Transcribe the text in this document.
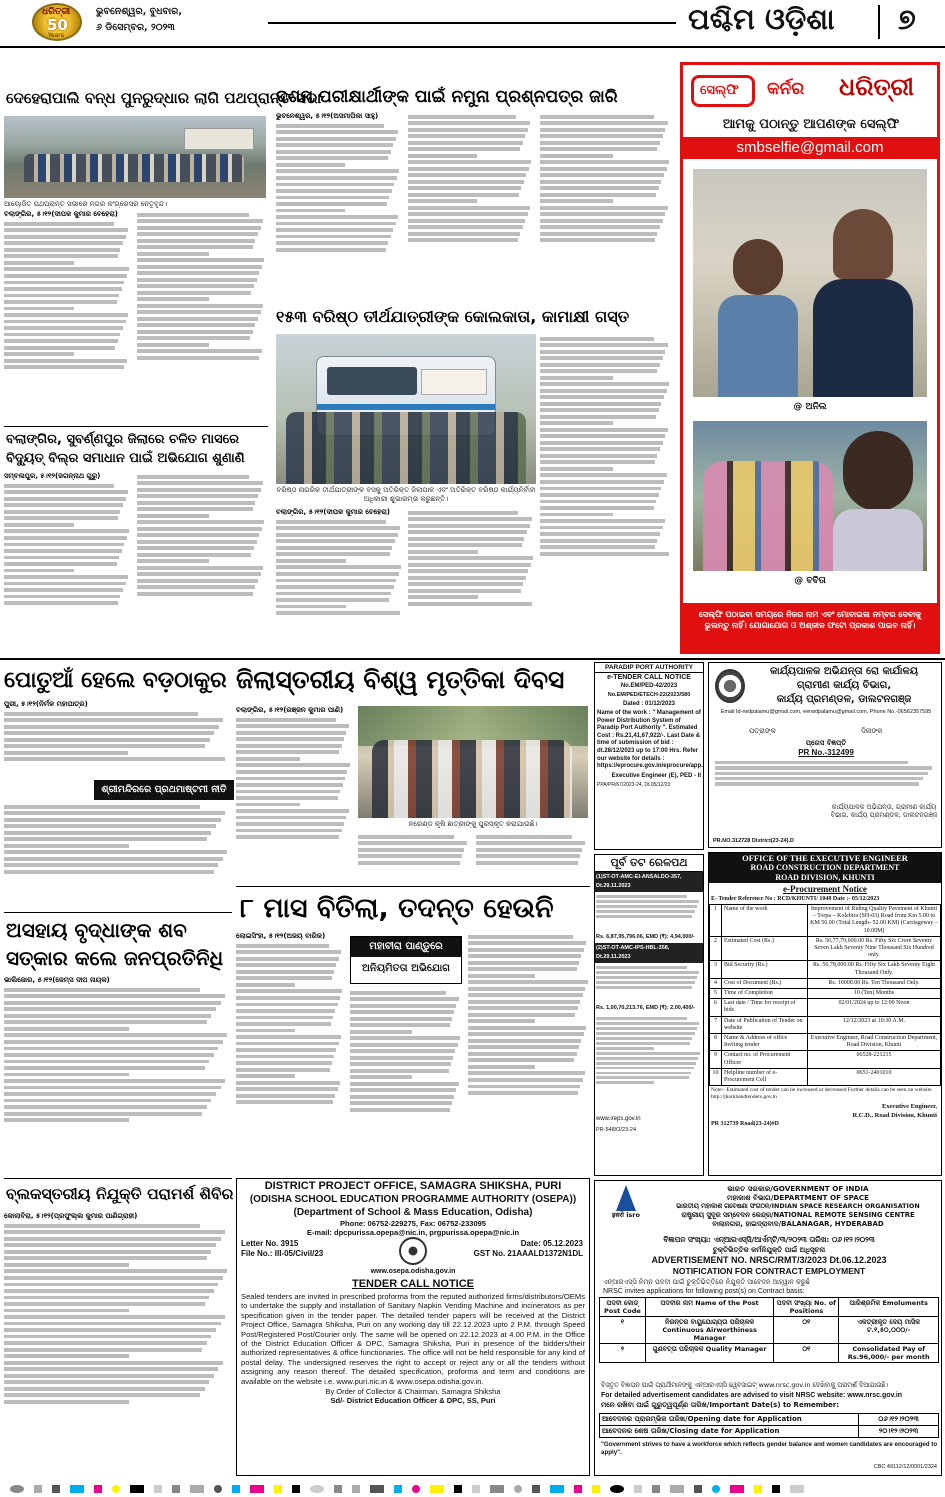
ଧରିତ୍ରୀ
50
Years
ଭୁବନେଶ୍ୱର, ବୁଧବାର,
୬ ଡିସେମ୍ବର, ୨୦୨୩	ପଶ୍ଚିମ ଓଡ଼ିଶା ୭
ଦେହେରାପାଲି ବନ୍ଧ ପୁନରୁଦ୍ଧାର ଲାଗି ପଥପ୍ରାନ୍ତ ସଭା
ଆୟୋଜିତ ପଥପ୍ରାନ୍ତ ସଭାରେ ନଗର କଂଗ୍ରେସର ନେତୃବୃନ୍ଦ।
ବଲାଙ୍ଗିର, ୫।୧୨(ଦୀପକ କୁମାର ବେହେରା)
ଦଶମ ପରୀକ୍ଷାର୍ଥୀଙ୍କ ପାଇଁ ନମୁନା ପ୍ରଶ୍ନପତ୍ର ଜାରି
ଭୁବନେଶ୍ୱର, ୫।୧୨(ଅସମାପିକା ସାହୁ)
୧୫୩ ବରିଷ୍ଠ ତୀର୍ଥଯାତ୍ରୀଙ୍କ କୋଲକାତା, କାମାକ୍ଷୀ ଗସ୍ତ
ବରିଷ୍ଠ ନାଗରିକ ତୀର୍ଥଯାତ୍ରୀଙ୍କ ବସକୁ ଅତିରିକ୍ତ ଜିଲାପାଳ ଏବଂ ଅତିରିକ୍ତ ବରିଷ୍ଠ କାର୍ଯ୍ୟନିର୍ବାହୀ ଅଧିକାରୀ ଶୁଭାରମ୍ଭ କରୁଛନ୍ତି।
ବଲାଙ୍ଗିର, ୫।୧୨(ଦୀପକ କୁମାର ବେହେରା)
ବଲାଙ୍ଗିର, ସୁବର୍ଣ୍ଣପୁର ଜିଲାରେ ଚଳିତ ମାସରେ
ବିଦ୍ୟୁତ୍ ବିଲ୍ର ସମାଧାନ ପାଇଁ ଅଭିଯୋଗ ଶୁଣାଣି
ସମ୍ବଲପୁର, ୫।୧୨(ଜଗନ୍ନାଥ ଗୁରୁ)
ସେଲ୍ଫି କର୍ନର ଧରିତ୍ରୀ
ଆମକୁ ପଠାନ୍ତୁ ଆପଣଙ୍କ ସେଲ୍ଫି
smbselfie@gmail.com
@ ଅନିଲ
@ ବବିତା
ସେଲ୍ଫି ପଠାଇବା ସମୟରେ ନିଜର ନାମ ଏବଂ ମୋବାଇଲ ନମ୍ବର ଦେବାକୁ ଭୁଲନ୍ତୁ ନାହିଁ। ଯୋଗାଯୋଗ ଓ ଅଶ୍ଳୀଳ ଫଟୋ ପ୍ରକାଶ ପାଇବ ନାହିଁ।
ପୋତୁଆଁ ହେଲେ ବଡ଼ଠାକୁର
ପୁରୀ, ୫।୧୨(ନିର୍ମଳ ମହାପାତ୍ର)
ଶ୍ରୀମନ୍ଦିରରେ ପ୍ରଥମାଷ୍ଟମୀ ନୀତି
ଜିଲାସ୍ତରୀୟ ବିଶ୍ୱ ମୃତ୍ତିକା ଦିବସ
ବଲାଙ୍ଗିର, ୫।୧୨(ରଞ୍ଜନ କୁମାର ପାଣି)
ନରେଣ୍ଡ କୃଷି ଛାତ୍ରୀଙ୍କୁ ପୁରସ୍କୃତ କରାଯାଉଛି।
୮ ମାସ ବିତିଲା, ତଦନ୍ତ ହେଉନି
ଲୋଇସିଂହା, ୫।୧୨(ଅଜୟ ବାରିକ)
ମହାବୀରା ପାଣ୍ଡୁରେ
ଅନିୟମିତତା ଅଭିଯୋଗ
ଅସହାୟ ବୃଦ୍ଧାଙ୍କ ଶବ
ସତ୍କାର କଲେ ଜନପ୍ରତିନିଧି
ଭାଲିଜୋର, ୫।୧୨(ଜେମ୍ସ ଦୀପ ନାୟକ)
ବ୍ଲକସ୍ତରୀୟ ନିଯୁକ୍ତି ପରାମର୍ଶ ଶିବିର
କୋଲାବିରା, ୫।୧୨(ପ୍ରଫୁଲ୍ଲ କୁମାର ପାଣିଗ୍ରାହୀ)
PARADIP PORT AUTHORITY
e-TENDER CALL NOTICE
No.EM/PED-42/2023
No.EM/PED/ETECH-22/2023/580
Dated : 01/12/2023
Name of the work : " Management of Power Distribution System of Paradip Port Authority ". Estimated Cost : Rs.21,41,67,922/-. Last Date & time of submission of bid : dt.28/12/2023 up to 17:00 Hrs. Refer our website for details : https://eprocure.gov.in/eprocure/app.
Executive Engineer (E), PED - II
PPA/PR/67/2023-24, Dt.05/12/23
ପୂର୍ବ ତଟ ରେଳପଥ
(1)ST-OT-AMC-EI-ANSALDO-357, Dt.29.11.2023
Rs. 6,87,95,796.06, EMD (₹): 4,94,000/-
(2)ST-OT-AMC-IPS-HBL-358, Dt.29.11.2023
Rs. 1,00,70,213.76, EMD (₹): 2,00,400/-
www.ireps.gov.in
PR-548/O/23-24
କାର୍ଯ୍ୟପାଳକ ଅଭିଯନ୍ତା ରୋ କାର୍ଯାଳୟ
ଗ୍ରାମୀଣ କାର୍ଯ୍ୟ ବିଭାଗ,
କାର୍ଯ୍ୟ ପ୍ରମଣ୍ଡଳ, ଡାଲଟନଗଞ୍ଜ
Email Id-rwdpalamu@gmail.com, eerwdpalamu@gmail.com, Phone No.-06562357595
ପତ୍ରାଙ୍କ	ଦିନାଙ୍କ
ପ୍ରେସ ବିଜ୍ଞପ୍ତି
PR No.-312499
କାର୍ଯ୍ୟପାଳକ ଅଭିଯନ୍ତା, ଗ୍ରାମୀଣ କାର୍ଯ୍ୟ ବିଭାଗ, କାର୍ଯ୍ୟ ପ୍ରମଣ୍ଡଳ, ଡାଲଟନଗଞ୍ଜ
PR.NO.312728 District(23-24).D
OFFICE OF THE EXECUTIVE ENGINEER
ROAD CONSTRUCTION DEPARTMENT
ROAD DIVISION, KHUNTI
e-Procurement Notice
E- Tender Reference No : RCD/KHUNTI/ 1048 Date :- 05/12/2023
1	Name of the work	Improvement of Riding Quality Pavement of Khunti – Torpa – Kolebira (SH-03) Road from Km 5.00 to KM 56.00 (Total Length- 52.00 KM) (Carriageway – 10.00M)
2	Estimated Cost (Rs.)	Rs. 56,77,79,600.00 Rs. Fifty Six Crore Seventy Seven Lakh Seventy Nine Thousand Six Hundred only.
3	Bid Security (Rs.)	Rs. 56,78,000.00 Rs. Fifty Six Lakh Seventy Eight Thousand Only.
4	Cost of Document (Rs.)	Rs. 10000.00 Rs. Ten Thousand Only.
5	Time of Completion	10 (Ten) Months
6	Last date / Time for receipt of bids	02/01/2024 up to 12:00 Noon
7	Date of Publication of Tender on website	12/12/2023 at 10:30 A.M.
8	Name & Address of office Inviting tender	Executive Engineer, Road Construction Department, Road Division, Khunti
9	Contact no. of Procurement Officer	06528-221215
10	Helpline number of e-Procurement Cell	0651-2401010
Note:- Estimated cost of tender can be increased or decreased Further details can be seen on website http://jharkhandtenders.gov.in
Executive Engineer,
R.C.D., Road Division, Khunti
PR 312739 Road(23-24)#D
DISTRICT PROJECT OFFICE, SAMAGRA SHIKSHA, PURI
(ODISHA SCHOOL EDUCATION PROGRAMME AUTHORITY (OSEPA))
(Department of School & Mass Education, Odisha)
Phone: 06752-229275, Fax: 06752-233095
E-mail: dpcpurissa.opepa@nic.in, prgpurissa.opepa@nic.in
Letter No. 3915
File No.: III-05/Civil/23
Date: 05.12.2023
GST No. 21AAALD1372N1DL
www.osepa.odisha.gov.in
TENDER CALL NOTICE
Sealed tenders are invited in prescribed proforma from the reputed authorized firms/distributors/OEMs to undertake the supply and installation of Sanitary Napkin Vending Machine and incinerators as per specification given in the tender paper. The detailed tender papers will be received at the District Project Office, Samagra Shiksha, Puri on any working day till 22.12.2023 upto 2 P.M. through Speed Post/Registered Post/Courier only. The same will be opened on 22.12.2023 at 4.00 P.M. in the Office of the District Education Officer & DPC, Samagra Shiksha, Puri in presence of the bidders/their authorized representatives & office functionaries. The office will not be held responsible for any kind of postal delay. The undersigned reserves the right to accept or reject any or all the tenders without assigning any reason thereof. The detailed specification, proforma and term and conditions are available on the website i.e. www.puri.nic.in & www.osepa.odisha.gov.in.
By Order of Collector & Chairman, Samagra Shiksha
Sd/- District Education Officer & DPC, SS, Puri
इसरो isro
ଭାରତ ସରକାର/GOVERNMENT OF INDIA
ମହାକାଶ ବିଭାଗ/DEPARTMENT OF SPACE
ଭାରତୀୟ ମହାକାଶ ଗବେଷଣା ସଂଗଠନ/INDIAN SPACE RESEARCH ORGANISATION
ରାଷ୍ଟ୍ରୀୟ ସୁଦୂର ସମ୍ବେଦନ କେନ୍ଦ୍ର/NATIONAL REMOTE SENSING CENTRE
ବାଲାନଗର, ହାଇଦ୍ରାବାଦ/BALANAGAR, HYDERABAD
ବିଜ୍ଞାପନ ସଂଖ୍ୟା: ଏନ୍ଆରଏସ୍ସି/ଆର୍ଏମ୍‌ଟି/୩/୨୦୨୩ ତାରିଖ: ୦୬।୧୨।୨୦୨୩
ଚୁକ୍ତିଭିତ୍ତିକ କର୍ମନିଯୁକ୍ତି ପାଇଁ ଅଧିସୂଚନା
ADVERTISEMENT NO. NRSC/RMT/3/2023 Dt.06.12.2023
NOTIFICATION FOR CONTRACT EMPLOYMENT
ଏନ୍ଆରଏସ୍ସି ନିମ୍ନ ପଦବୀ ପାଇଁ ଚୁକ୍ତିଭିତ୍ତିରେ ନିଯୁକ୍ତି ଆବେଦନ ଆହ୍ୱାନ କରୁଛି
NRSC invites applications for following post(s) on Contract basis:
ପଦବୀ କୋଡ୍ Post Code	ପଦବୀର ନାମ Name of the Post	ପଦବୀ ସଂଖ୍ୟା No. of Positions	ପାରିଶ୍ରମିକ Emoluments
୧	ନିରନ୍ତର ବାୟୁଯୋଗ୍ୟତା ପରିଚାଳକ Continuous Airworthiness Manager	୦୧	ଏକତ୍ରୀକୃତ ଦେୟ ମାସିକ ଟ.୧,୫୦,୦୦୦/-
୨	ଗୁଣବତ୍ତା ପରିଚାଳକ Quality Manager	୦୧	Consolidated Pay of Rs.96,000/- per month
ବିସ୍ତୃତ ବିଜ୍ଞାପନ ପାଇଁ ପ୍ରାର୍ଥୀମାନଙ୍କୁ ଏନ୍ଆରଏସ୍ସି ୱେବସାଇଟ୍ www.nrsc.gov.in ଦେଖିବାକୁ ପରାମର୍ଶ ଦିଆଯାଉଛି।
For detailed advertisement candidates are advised to visit NRSC website: www.nrsc.gov.in
ମନେ ରଖିବା ପାଇଁ ଗୁରୁତ୍ୱପୂର୍ଣ୍ଣ ତାରିଖ/Important Date(s) to Remember:
ଆବେଦନର ପ୍ରାରମ୍ଭିକ ତାରିଖ/Opening date for Application	୦୬।୧୨।୨୦୨୩
ଆବେଦନର ଶେଷ ତାରିଖ/Closing date for Application	୨୦।୧୨।୨୦୨୩
"Government strives to have a workforce which reflects gender balance and women candidates are encouraged to apply".
CBC 49112/12/0001/2324
